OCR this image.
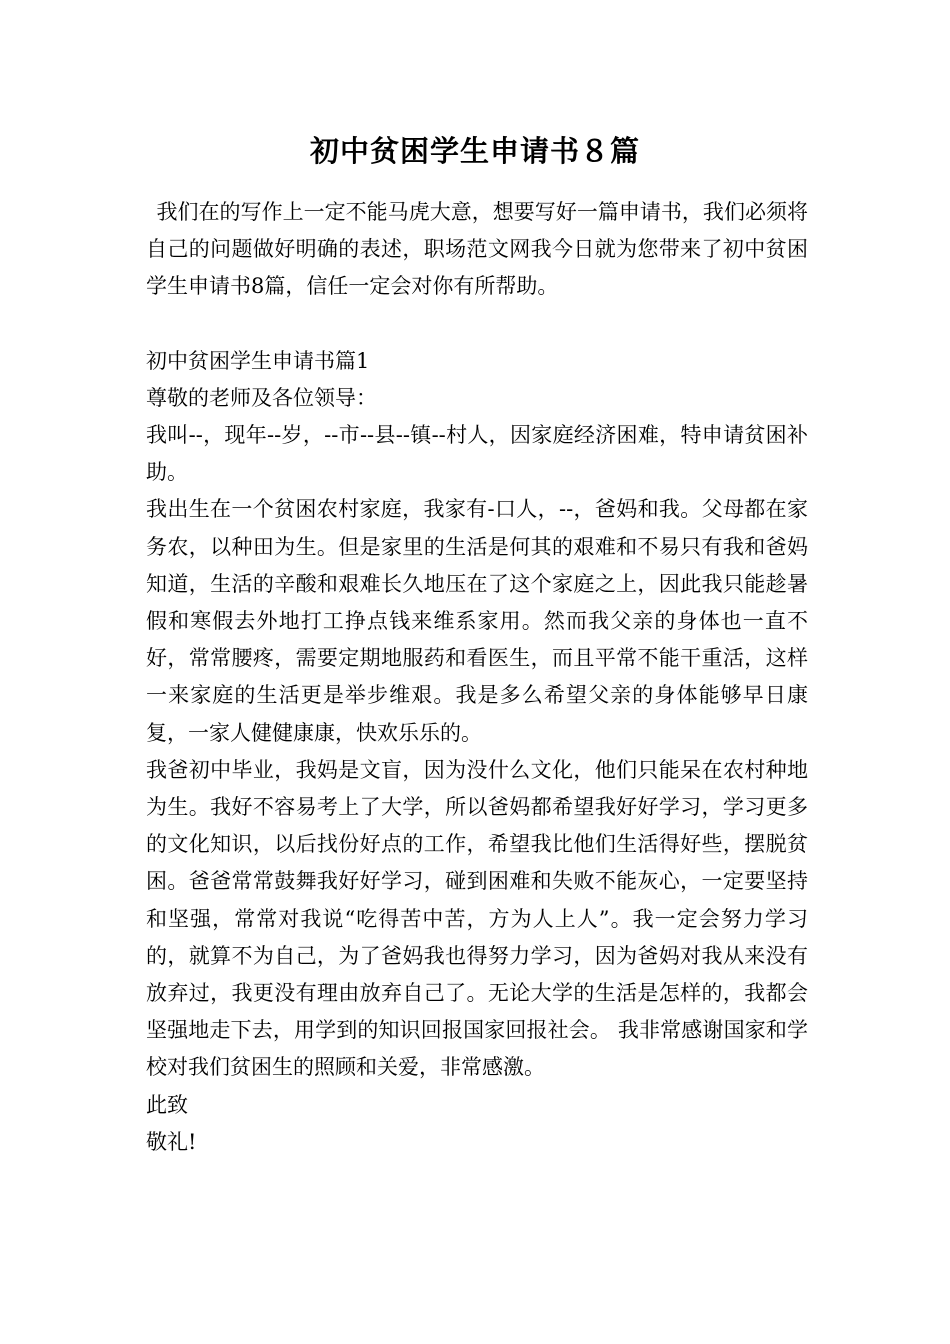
初中贫困学生申请书８篇

我们在的写作上一定不能马虎大意，想要写好一篇申请书，我们必须将自己的问题做好明确的表述，职场范文网我今日就为您带来了初中贫困学生申请书8篇，信任一定会对你有所帮助。

初中贫困学生申请书篇1

尊敬的老师及各位领导：

我叫--，现年--岁，--市--县--镇--村人，因家庭经济困难，特申请贫困补助。

我出生在一个贫困农村家庭，我家有-口人，--，爸妈和我。父母都在家务农，以种田为生。但是家里的生活是何其的艰难和不易只有我和爸妈知道，生活的辛酸和艰难长久地压在了这个家庭之上，因此我只能趁暑假和寒假去外地打工挣点钱来维系家用。然而我父亲的身体也一直不好，常常腰疼，需要定期地服药和看医生，而且平常不能干重活，这样一来家庭的生活更是举步维艰。我是多么希望父亲的身体能够早日康复，一家人健健康康，快欢乐乐的。

我爸初中毕业，我妈是文盲，因为没什么文化，他们只能呆在农村种地为生。我好不容易考上了大学，所以爸妈都希望我好好学习，学习更多的文化知识，以后找份好点的工作，希望我比他们生活得好些，摆脱贫困。爸爸常常鼓舞我好好学习，碰到困难和失败不能灰心，一定要坚持和坚强，常常对我说“吃得苦中苦，方为人上人”。我一定会努力学习的，就算不为自己，为了爸妈我也得努力学习，因为爸妈对我从来没有放弃过，我更没有理由放弃自己了。无论大学的生活是怎样的，我都会坚强地走下去，用学到的知识回报国家回报社会。 我非常感谢国家和学校对我们贫困生的照顾和关爱，非常感激。

此致

敬礼!
